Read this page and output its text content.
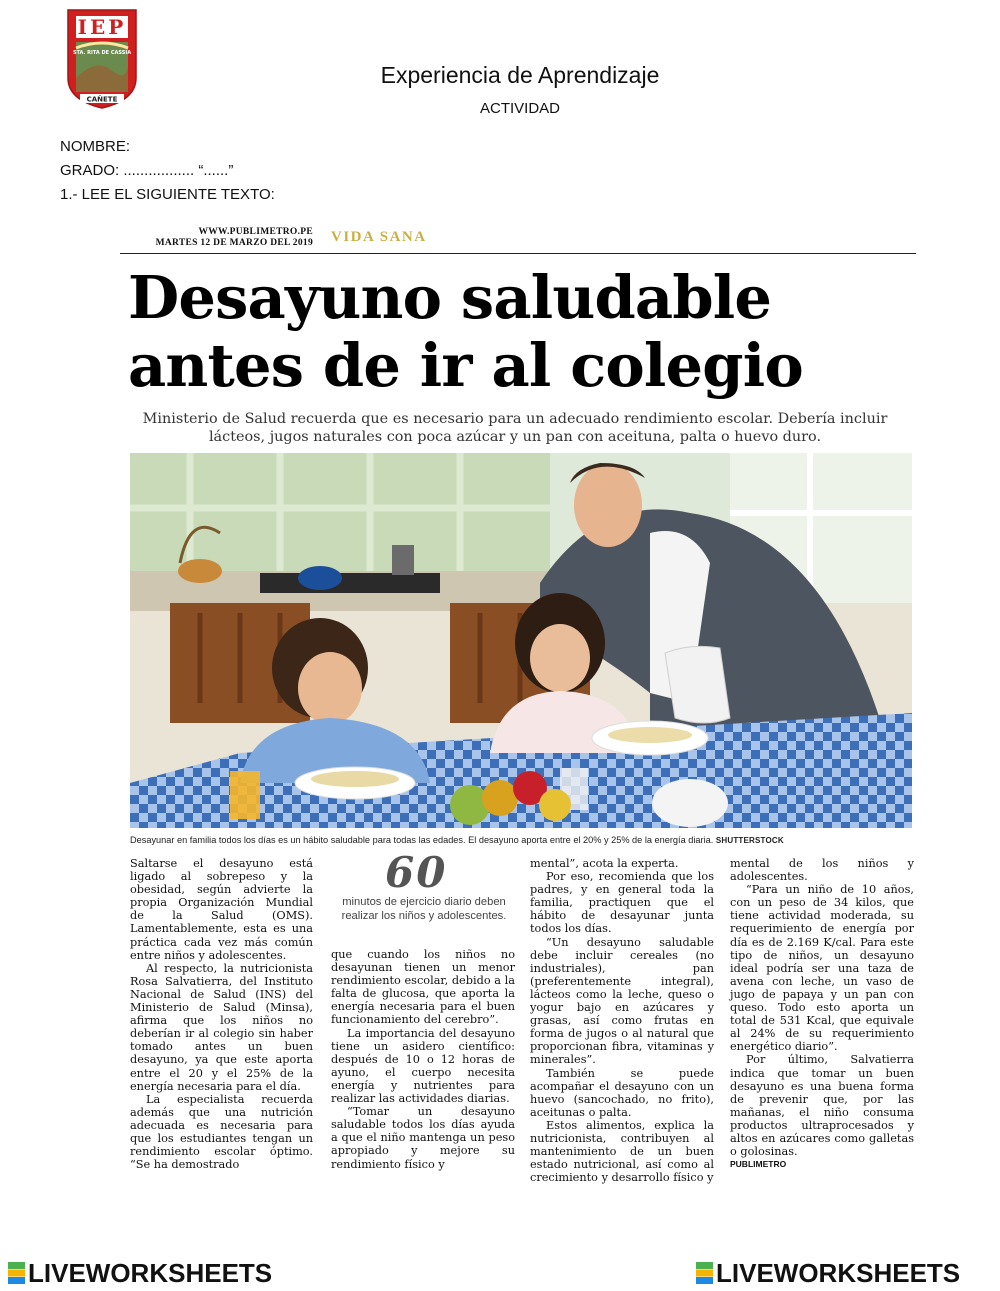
IEP
STA. RITA DE CASSIA
CAÑETE
Experiencia de Aprendizaje
ACTIVIDAD
NOMBRE:
GRADO: ................. “......”
1.- LEE EL SIGUIENTE TEXTO:
WWW.PUBLIMETRO.PE
MARTES 12 DE MARZO DEL 2019 VIDA SANA
Desayuno saludable
antes de ir al colegio
Ministerio de Salud recuerda que es necesario para un adecuado rendimiento escolar. Debería incluir lácteos, jugos naturales con poca azúcar y un pan con aceituna, palta o huevo duro.
Desayunar en familia todos los días es un hábito saludable para todas las edades. El desayuno aporta entre el 20% y 25% de la energía diaria. SHUTTERSTOCK

Saltarse el desayuno está ligado al sobrepeso y la obesidad, según advierte la propia Organización Mundial de la Salud (OMS). Lamentablemente, esta es una práctica cada vez más común entre niños y adolescentes.

Al respecto, la nutricionista Rosa Salvatierra, del Instituto Nacional de Salud (INS) del Ministerio de Salud (Minsa), afirma que los niños no deberían ir al colegio sin haber tomado antes un buen desayuno, ya que este aporta entre el 20 y el 25% de la energía necesaria para el día.

La especialista recuerda además que una nutrición adecuada es necesaria para que los estudiantes tengan un rendimiento escolar óptimo. “Se ha demostrado

60
minutos de ejercicio diario deben realizar los niños y adolescentes.

que cuando los niños no desayunan tienen un menor rendimiento escolar, debido a la falta de glucosa, que aporta la energía necesaria para el buen funcionamiento del cerebro”.

La importancia del desayuno tiene un asidero científico: después de 10 o 12 horas de ayuno, el cuerpo necesita energía y nutrientes para realizar las actividades diarias.

“Tomar un desayuno saludable todos los días ayuda a que el niño mantenga un peso apropiado y mejore su rendimiento físico y

mental”, acota la experta.

Por eso, recomienda que los padres, y en general toda la familia, practiquen que el hábito de desayunar junta todos los días.

“Un desayuno saludable debe incluir cereales (no industriales), pan (preferentemente integral), lácteos como la leche, queso o yogur bajo en azúcares y grasas, así como frutas en forma de jugos o al natural que proporcionan fibra, vitaminas y minerales”.

También se puede acompañar el desayuno con un huevo (sancochado, no frito), aceitunas o palta.

Estos alimentos, explica la nutricionista, contribuyen al mantenimiento de un buen estado nutricional, así como al crecimiento y desarrollo físico y

mental de los niños y adolescentes.

“Para un niño de 10 años, con un peso de 34 kilos, que tiene actividad moderada, su requerimiento de energía por día es de 2.169 K/cal. Para este tipo de niños, un desayuno ideal podría ser una taza de avena con leche, un vaso de jugo de papaya y un pan con queso. Todo esto aporta un total de 531 Kcal, que equivale al 24% de su requerimiento energético diario”.

Por último, Salvatierra indica que tomar un buen desayuno es una buena forma de prevenir que, por las mañanas, el niño consuma productos ultraprocesados y altos en azúcares como galletas o golosinas.

PUBLIMETRO
LIVEWORKSHEETS	LIVEWORKSHEETS
